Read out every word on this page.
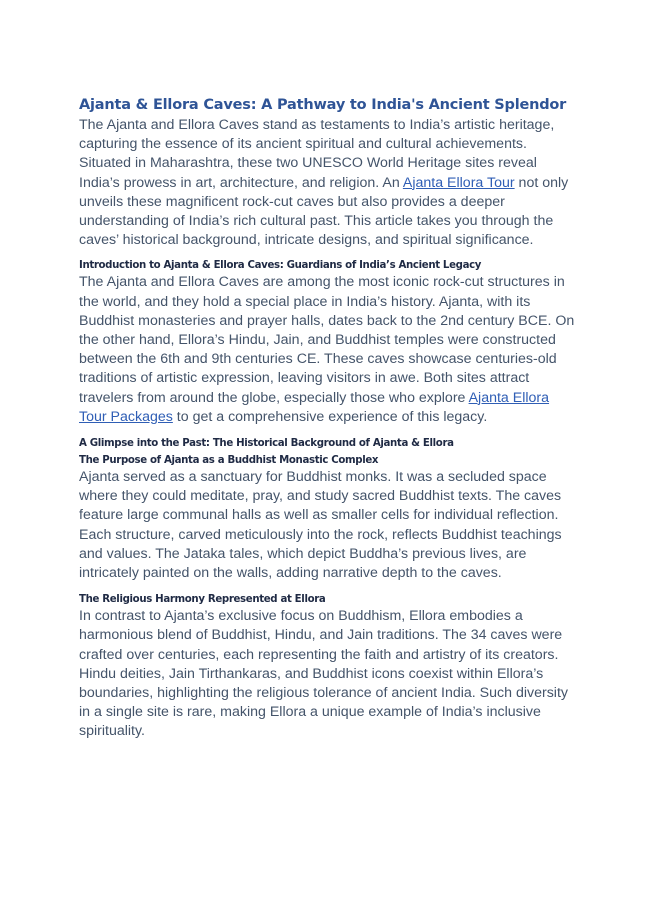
Ajanta & Ellora Caves: A Pathway to India's Ancient Splendor

The Ajanta and Ellora Caves stand as testaments to India’s artistic heritage, capturing the essence of its ancient spiritual and cultural achievements. Situated in Maharashtra, these two UNESCO World Heritage sites reveal India’s prowess in art, architecture, and religion. An Ajanta Ellora Tour not only unveils these magnificent rock-cut caves but also provides a deeper understanding of India’s rich cultural past. This article takes you through the caves’ historical background, intricate designs, and spiritual significance.

Introduction to Ajanta & Ellora Caves: Guardians of India’s Ancient Legacy

The Ajanta and Ellora Caves are among the most iconic rock-cut structures in the world, and they hold a special place in India’s history. Ajanta, with its Buddhist monasteries and prayer halls, dates back to the 2nd century BCE. On the other hand, Ellora’s Hindu, Jain, and Buddhist temples were constructed between the 6th and 9th centuries CE. These caves showcase centuries-old traditions of artistic expression, leaving visitors in awe. Both sites attract travelers from around the globe, especially those who explore Ajanta Ellora Tour Packages to get a comprehensive experience of this legacy.

A Glimpse into the Past: The Historical Background of Ajanta & Ellora
The Purpose of Ajanta as a Buddhist Monastic Complex

Ajanta served as a sanctuary for Buddhist monks. It was a secluded space where they could meditate, pray, and study sacred Buddhist texts. The caves feature large communal halls as well as smaller cells for individual reflection. Each structure, carved meticulously into the rock, reflects Buddhist teachings and values. The Jataka tales, which depict Buddha’s previous lives, are intricately painted on the walls, adding narrative depth to the caves.

The Religious Harmony Represented at Ellora

In contrast to Ajanta’s exclusive focus on Buddhism, Ellora embodies a harmonious blend of Buddhist, Hindu, and Jain traditions. The 34 caves were crafted over centuries, each representing the faith and artistry of its creators. Hindu deities, Jain Tirthankaras, and Buddhist icons coexist within Ellora’s boundaries, highlighting the religious tolerance of ancient India. Such diversity in a single site is rare, making Ellora a unique example of India’s inclusive spirituality.
